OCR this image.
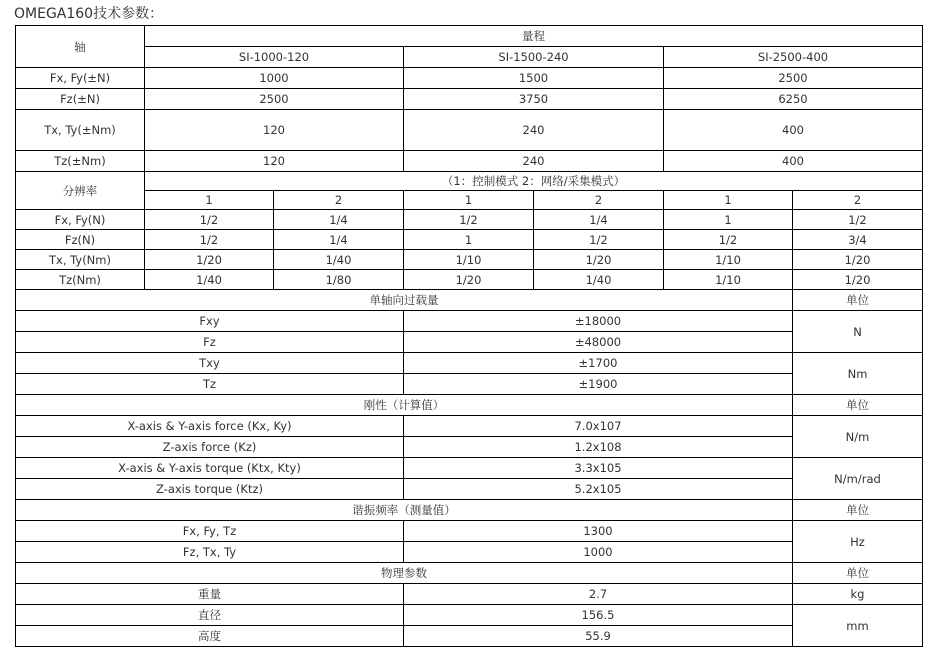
OMEGA160技术参数：
轴	量程					
	SI-1000-120		SI-1500-240		SI-2500-400	
Fx, Fy(±N)	1000		1500		2500	
Fz(±N)	2500		3750		6250	
Tx, Ty(±Nm)	120		240		400	
Tz(±Nm)	120		240		400	
分辨率	（1：控制模式 2：网络/采集模式）					
	1	2	1	2	1	2
Fx, Fy(N)	1/2	1/4	1/2	1/4	1	1/2
Fz(N)	1/2	1/4	1	1/2	1/2	3/4
Tx, Ty(Nm)	1/20	1/40	1/10	1/20	1/10	1/20
Tz(Nm)	1/40	1/80	1/20	1/40	1/10	1/20
单轴向过载量						单位
Fxy			±18000			N
Fz			±48000			
Txy			±1700			Nm
Tz			±1900			
刚性（计算值）						单位
X-axis & Y-axis force (Kx, Ky)			7.0x107			N/m
Z-axis force (Kz)			1.2x108			
X-axis & Y-axis torque (Ktx, Kty)			3.3x105			N/m/rad
Z-axis torque (Ktz)			5.2x105			
谐振频率（测量值）						单位
Fx, Fy, Tz			1300			Hz
Fz, Tx, Ty			1000			
物理参数						单位
重量			2.7			kg
直径			156.5			mm
高度			55.9			
